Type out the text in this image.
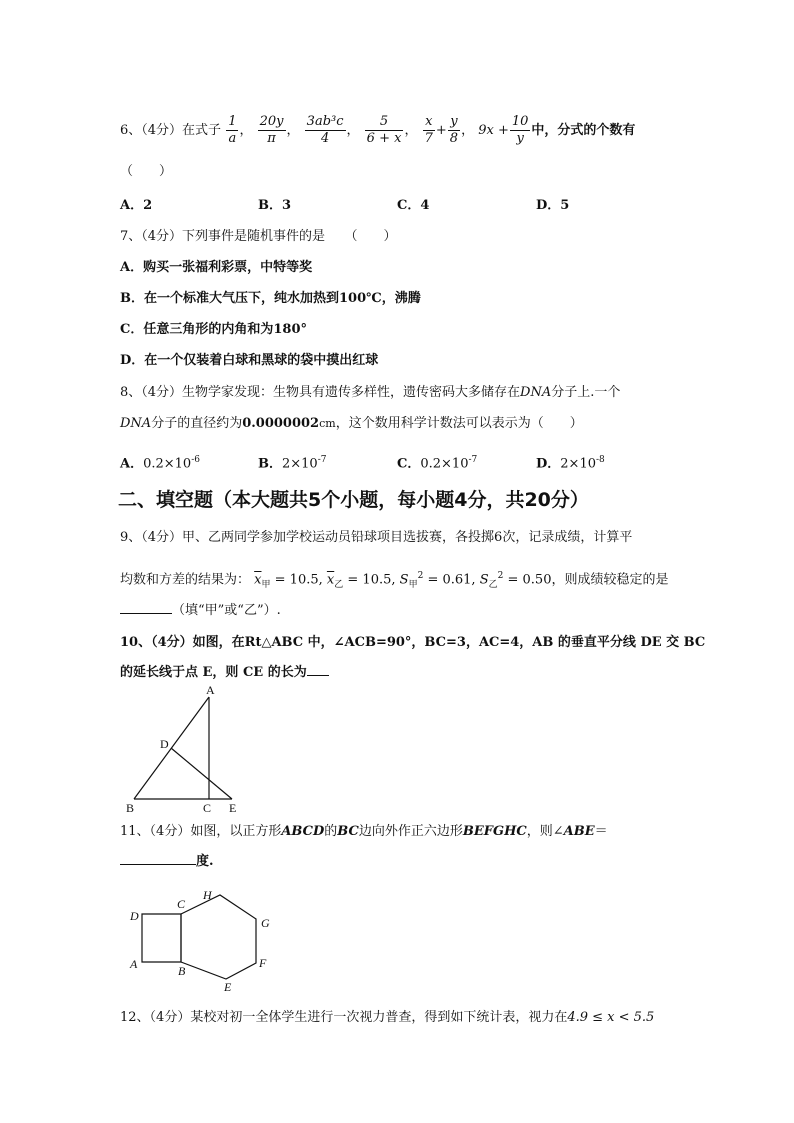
6、（4分）在式子 $\frac{1}{a}$ ， $\frac{20y}{\pi}$ ， $\frac{\text{3ab³c}}{4}$ ， $\frac{5}{6 + x}$ ， $\frac{x}{7} + \frac{y}{8}$ ， $9x + \frac{10}{y}$ 中，分式的个数有
（　　）
A．2	B．3	C．4	D．5
7、（4分）下列事件是随机事件的是　　（　　）
A．购买一张福利彩票，中特等奖
B．在一个标准大气压下，纯水加热到100℃，沸腾
C．任意三角形的内角和为180°
D．在一个仅装着白球和黑球的袋中摸出红球
8、（4分）生物学家发现：生物具有遗传多样性，遗传密码大多储存在DNA分子上.一个
DNA分子的直径约为0.0000002cm，这个数用科学计数法可以表示为（　　）
A．$0.2\times 10^{-6}$	B．$2\times 10^{-7}$	C．$0.2\times 10^{-7}$	D．$2\times 10^{-8}$
二、填空题（本大题共5个小题，每小题4分，共20分）
9、（4分）甲、乙两同学参加学校运动员铅球项目选拔赛，各投掷6次，记录成绩，计算平
均数和方差的结果为： $\overline{x}_甲 = 10.5$, $\overline{x}_乙 = 10.5$, $S_甲^2 = 0.61$, $S_乙^2 = 0.50$，则成绩较稳定的是
（填“甲”或“乙”）.
10、（4分）如图，在Rt△ABC 中，∠ACB=90°，BC=3，AC=4，AB 的垂直平分线 DE 交 BC
的延长线于点 E，则 CE 的长为
A
B	C
D
E
11、（4分）如图，以正方形ABCD的BC边向外作正六边形BEFGHC，则∠ABE＝
度.
D
C
H
G
F
E
B
A
12、（4分）某校对初一全体学生进行一次视力普查，得到如下统计表，视力在4.9 ≤ x < 5.5
